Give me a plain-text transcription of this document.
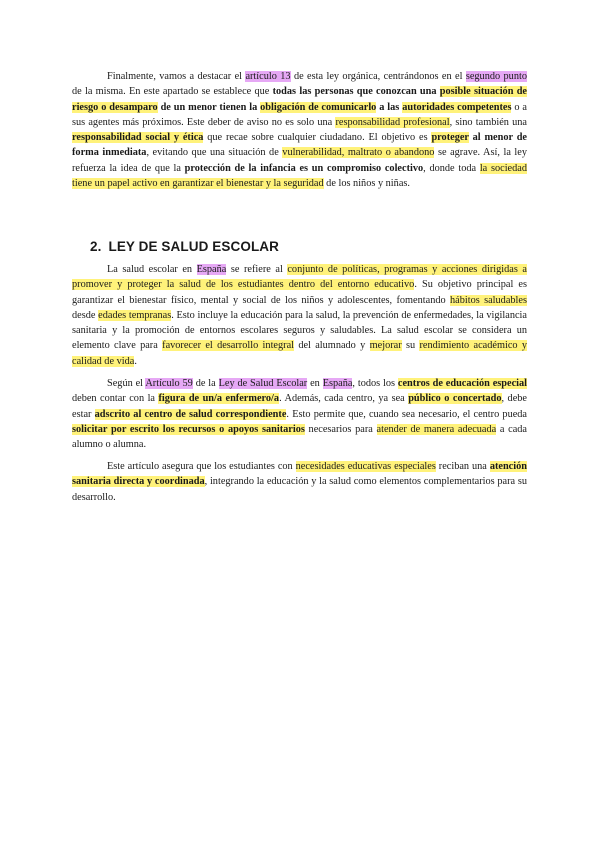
Finalmente, vamos a destacar el artículo 13 de esta ley orgánica, centrándonos en el segundo punto de la misma. En este apartado se establece que todas las personas que conozcan una posible situación de riesgo o desamparo de un menor tienen la obligación de comunicarlo a las autoridades competentes o a sus agentes más próximos. Este deber de aviso no es solo una responsabilidad profesional, sino también una responsabilidad social y ética que recae sobre cualquier ciudadano. El objetivo es proteger al menor de forma inmediata, evitando que una situación de vulnerabilidad, maltrato o abandono se agrave. Así, la ley refuerza la idea de que la protección de la infancia es un compromiso colectivo, donde toda la sociedad tiene un papel activo en garantizar el bienestar y la seguridad de los niños y niñas.

2. LEY DE SALUD ESCOLAR

La salud escolar en España se refiere al conjunto de políticas, programas y acciones dirigidas a promover y proteger la salud de los estudiantes dentro del entorno educativo. Su objetivo principal es garantizar el bienestar físico, mental y social de los niños y adolescentes, fomentando hábitos saludables desde edades tempranas. Esto incluye la educación para la salud, la prevención de enfermedades, la vigilancia sanitaria y la promoción de entornos escolares seguros y saludables. La salud escolar se considera un elemento clave para favorecer el desarrollo integral del alumnado y mejorar su rendimiento académico y calidad de vida.

Según el Artículo 59 de la Ley de Salud Escolar en España, todos los centros de educación especial deben contar con la figura de un/a enfermero/a. Además, cada centro, ya sea público o concertado, debe estar adscrito al centro de salud correspondiente. Esto permite que, cuando sea necesario, el centro pueda solicitar por escrito los recursos o apoyos sanitarios necesarios para atender de manera adecuada a cada alumno o alumna.

Este artículo asegura que los estudiantes con necesidades educativas especiales reciban una atención sanitaria directa y coordinada, integrando la educación y la salud como elementos complementarios para su desarrollo.
